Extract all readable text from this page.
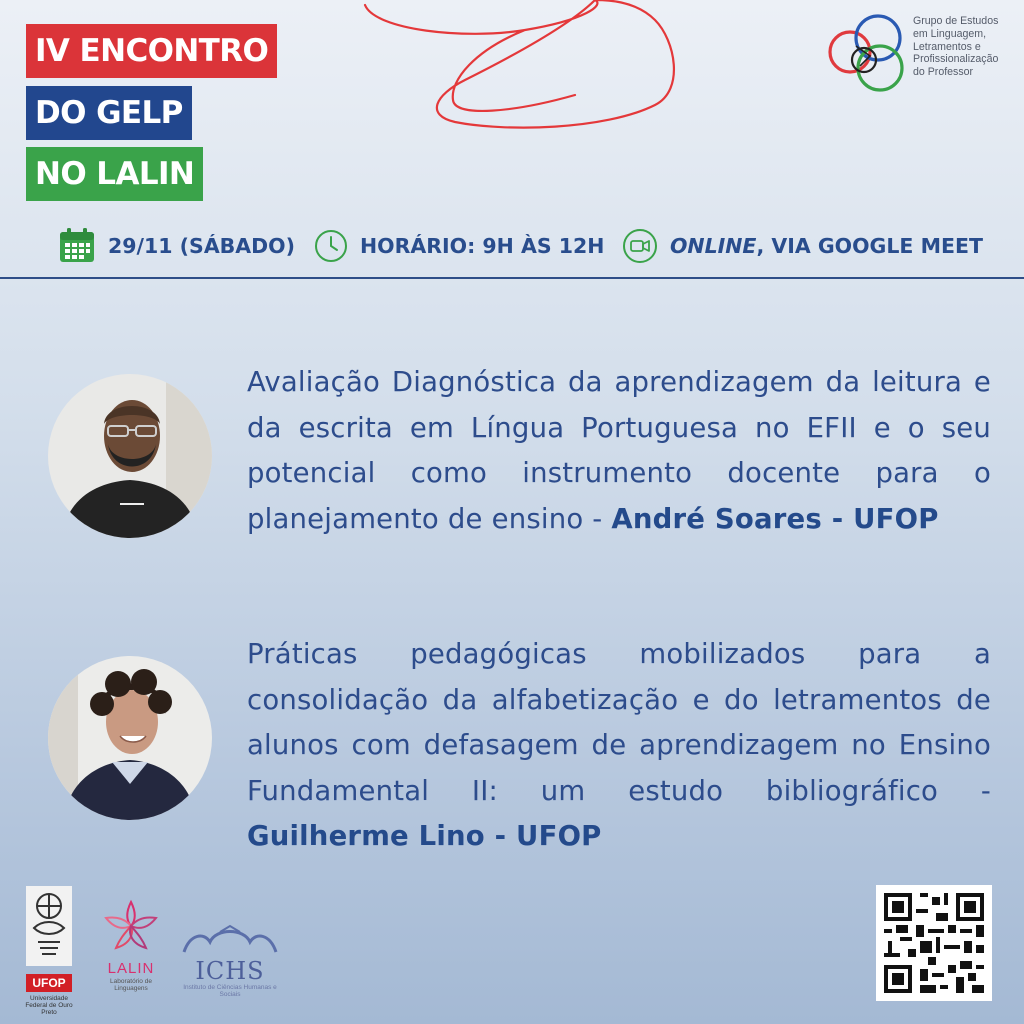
IV ENCONTRO
DO GELP
NO LALIN
Grupo de Estudos
em Linguagem,
Letramentos e
Profissionalização
do Professor
29/11 (SÁBADO)	HORÁRIO: 9H ÀS 12H	ONLINE, VIA GOOGLE MEET
Avaliação Diagnóstica da aprendizagem da leitura e da escrita em Língua Portuguesa no EFII e o seu potencial como instrumento docente para o planejamento de ensino - André Soares - UFOP
Práticas pedagógicas mobilizados para a consolidação da alfabetização e do letramentos de alunos com defasagem de aprendizagem no Ensino Fundamental II: um estudo bibliográfico - Guilherme Lino - UFOP
UFOP
Universidade Federal de Ouro Preto
LALIN
Laboratório de Linguagens
ICHS
Instituto de Ciências Humanas e Sociais
